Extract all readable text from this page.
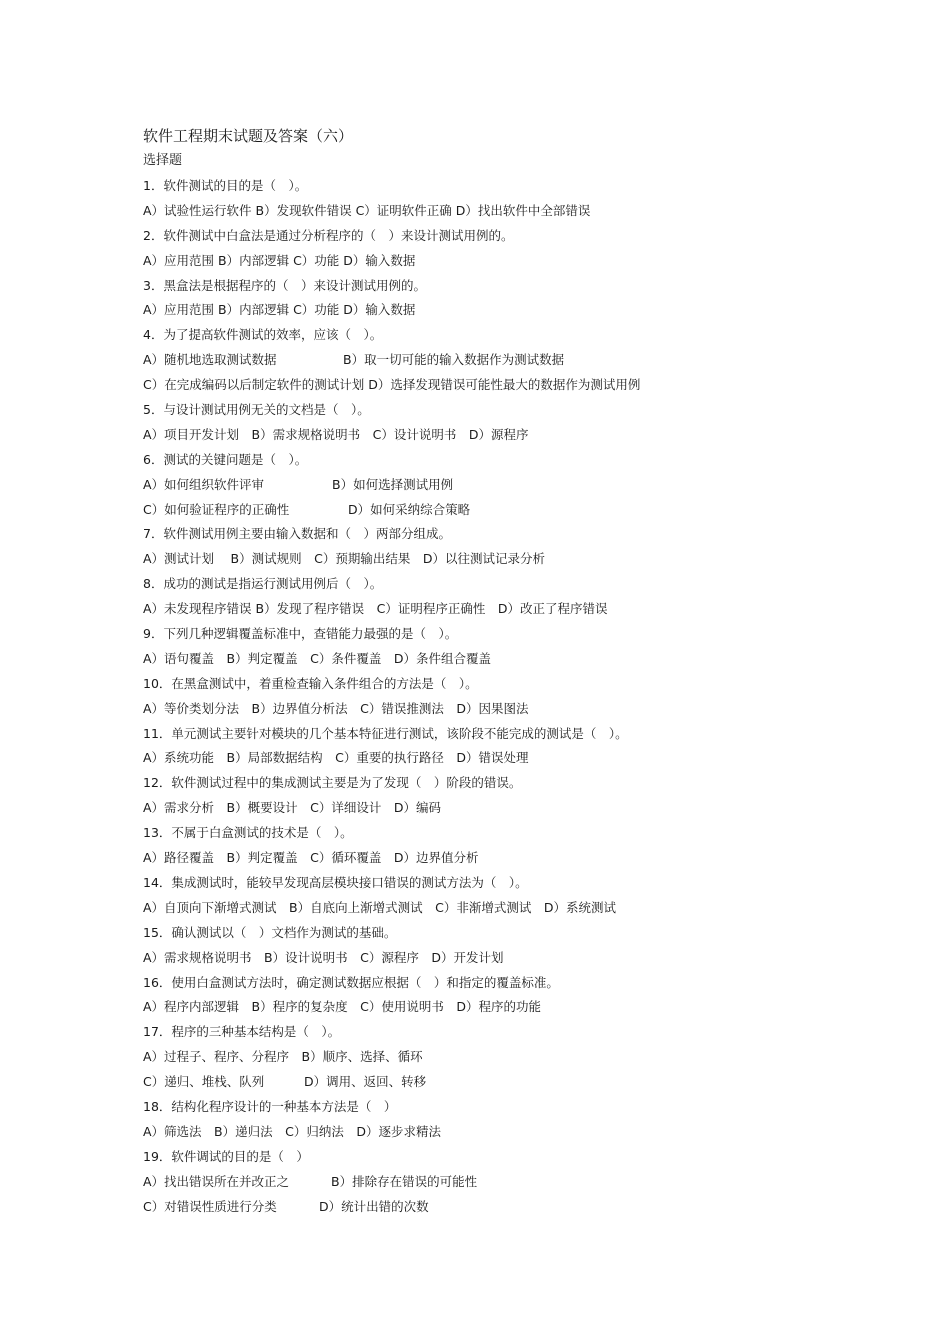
软件工程期末试题及答案（六）
选择题
1．软件测试的目的是（　）。
A）试验性运行软件 B）发现软件错误 C）证明软件正确 D）找出软件中全部错误
2．软件测试中白盒法是通过分析程序的（　）来设计测试用例的。
A）应用范围 B）内部逻辑 C）功能 D）输入数据
3．黑盒法是根据程序的（　）来设计测试用例的。
A）应用范围 B）内部逻辑 C）功能 D）输入数据
4．为了提高软件测试的效率，应该（　）。
A）随机地选取测试数据	B）取一切可能的输入数据作为测试数据
C）在完成编码以后制定软件的测试计划 D）选择发现错误可能性最大的数据作为测试用例
5．与设计测试用例无关的文档是（　）。
A）项目开发计划　B）需求规格说明书　C）设计说明书　D）源程序
6．测试的关键问题是（　）。
A）如何组织软件评审	B）如何选择测试用例
C）如何验证程序的正确性	D）如何采纳综合策略
7．软件测试用例主要由输入数据和（　）两部分组成。
A）测试计划　 B）测试规则　C）预期输出结果　D）以往测试记录分析
8．成功的测试是指运行测试用例后（　）。
A）未发现程序错误 B）发现了程序错误　C）证明程序正确性　D）改正了程序错误
9．下列几种逻辑覆盖标准中，查错能力最强的是（　）。
A）语句覆盖　B）判定覆盖　C）条件覆盖　D）条件组合覆盖
10．在黑盒测试中，着重检查输入条件组合的方法是（　）。
A）等价类划分法　B）边界值分析法　C）错误推测法　D）因果图法
11．单元测试主要针对模块的几个基本特征进行测试，该阶段不能完成的测试是（　）。
A）系统功能　B）局部数据结构　C）重要的执行路径　D）错误处理
12．软件测试过程中的集成测试主要是为了发现（　）阶段的错误。
A）需求分析　B）概要设计　C）详细设计　D）编码
13．不属于白盒测试的技术是（　）。
A）路径覆盖　B）判定覆盖　C）循环覆盖　D）边界值分析
14．集成测试时，能较早发现高层模块接口错误的测试方法为（　）。
A）自顶向下渐增式测试　B）自底向上渐增式测试　C）非渐增式测试　D）系统测试
15．确认测试以（　）文档作为测试的基础。
A）需求规格说明书　B）设计说明书　C）源程序　D）开发计划
16．使用白盒测试方法时，确定测试数据应根据（　）和指定的覆盖标准。
A）程序内部逻辑　B）程序的复杂度　C）使用说明书　D）程序的功能
17．程序的三种基本结构是（　）。
A）过程子、程序、分程序　B）顺序、选择、循环
C）递归、堆栈、队列	D）调用、返回、转移
18．结构化程序设计的一种基本方法是（　）
A）筛选法　B）递归法　C）归纳法　D）逐步求精法
19．软件调试的目的是（　）
A）找出错误所在并改正之	B）排除存在错误的可能性
C）对错误性质进行分类	D）统计出错的次数
